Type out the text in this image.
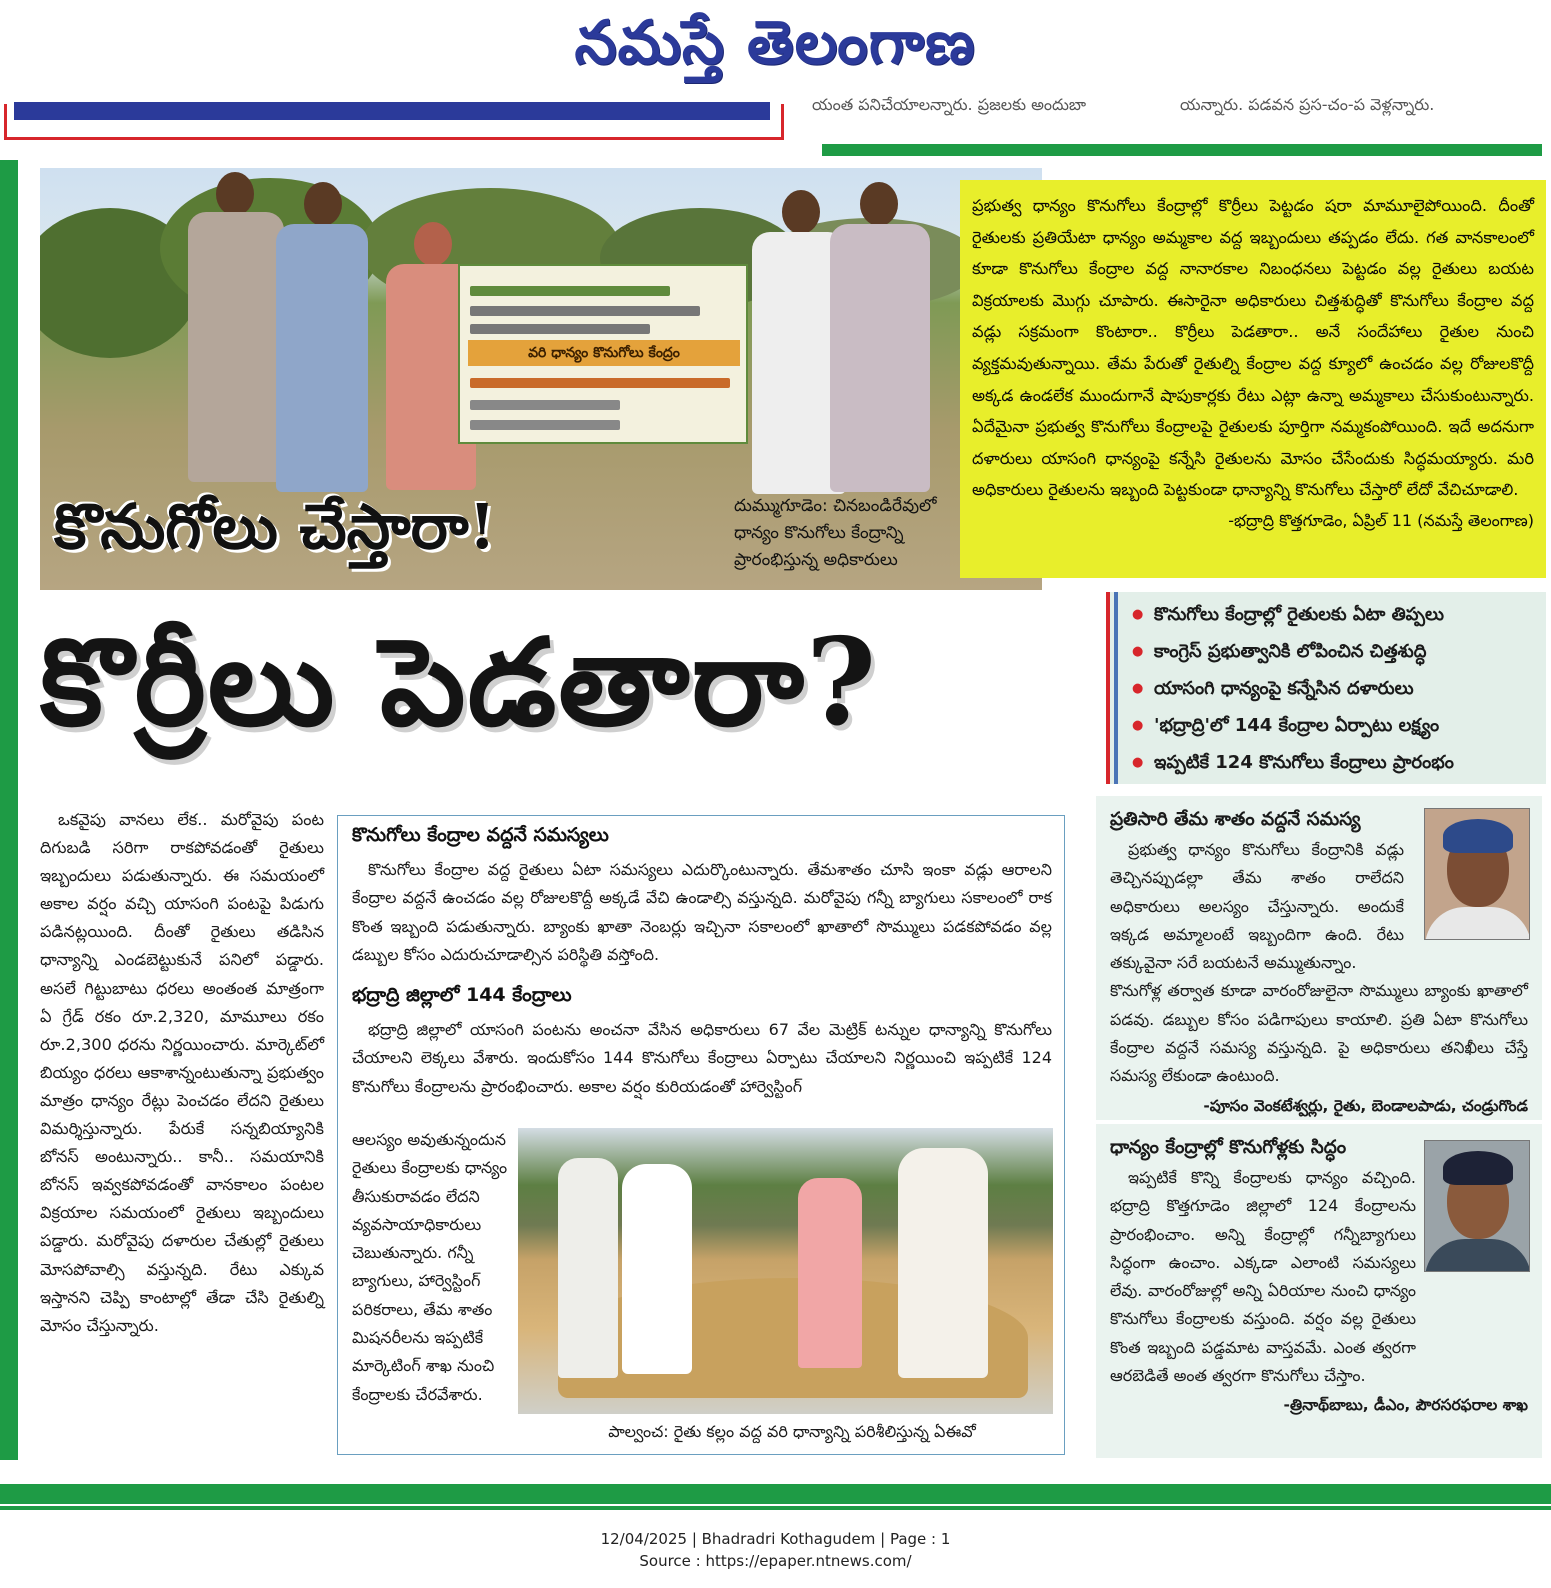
నమస్తే తెలంగాణ
యంత పనిచేయాలన్నారు. ప్రజలకు అందుబా	యన్నారు. పడవన ప్రస-చం-ప వెళ్లన్నారు.
వరి ధాన్యం కొనుగోలు కేంద్రం
కొనుగోలు చేస్తారా!	దుమ్ముగూడెం: చినబండిరేవులో ధాన్యం కొనుగోలు కేంద్రాన్ని ప్రారంభిస్తున్న అధికారులు

ప్రభుత్వ ధాన్యం కొనుగోలు కేంద్రాల్లో కొర్రీలు పెట్టడం షరా మామూలైపోయింది. దీంతో రైతులకు ప్రతియేటా ధాన్యం అమ్మకాల వద్ద ఇబ్బందులు తప్పడం లేదు. గత వానకాలంలో కూడా కొనుగోలు కేంద్రాల వద్ద నానారకాల నిబంధనలు పెట్టడం వల్ల రైతులు బయట విక్రయాలకు మొగ్గు చూపారు. ఈసారైనా అధికారులు చిత్తశుద్ధితో కొనుగోలు కేంద్రాల వద్ద వడ్లు సక్రమంగా కొంటారా.. కొర్రీలు పెడతారా.. అనే సందేహాలు రైతుల నుంచి వ్యక్తమవుతున్నాయి. తేమ పేరుతో రైతుల్ని కేంద్రాల వద్ద క్యూలో ఉంచడం వల్ల రోజులకొద్దీ అక్కడ ఉండలేక ముందుగానే షాపుకార్లకు రేటు ఎట్లా ఉన్నా అమ్మకాలు చేసుకుంటున్నారు. ఏదేమైనా ప్రభుత్వ కొనుగోలు కేంద్రాలపై రైతులకు పూర్తిగా నమ్మకంపోయింది. ఇదే అదనుగా దళారులు యాసంగి ధాన్యంపై కన్నేసి రైతులను మోసం చేసేందుకు సిద్ధమయ్యారు. మరి అధికారులు రైతులను ఇబ్బంది పెట్టకుండా ధాన్యాన్ని కొనుగోలు చేస్తారో లేదో వేచిచూడాలి.

-భద్రాద్రి కొత్తగూడెం, ఏప్రిల్ 11 (నమస్తే తెలంగాణ)

కొర్రీలు పెడతారా?
●	కొనుగోలు కేంద్రాల్లో రైతులకు ఏటా తిప్పలు
● కాంగ్రెస్ ప్రభుత్వానికి లోపించిన చిత్తశుద్ధి
● యాసంగి ధాన్యంపై కన్నేసిన దళారులు
● 'భద్రాద్రి'లో 144 కేంద్రాల ఏర్పాటు లక్ష్యం
● ఇప్పటికే 124 కొనుగోలు కేంద్రాలు ప్రారంభం

ఒకవైపు వానలు లేక.. మరోవైపు పంట దిగుబడి సరిగా రాకపోవడంతో రైతులు ఇబ్బందులు పడుతున్నారు. ఈ సమయంలో అకాల వర్షం వచ్చి యాసంగి పంటపై పిడుగు పడినట్లయింది. దీంతో రైతులు తడిసిన ధాన్యాన్ని ఎండబెట్టుకునే పనిలో పడ్డారు. అసలే గిట్టుబాటు ధరలు అంతంత మాత్రంగా ఏ గ్రేడ్ రకం రూ.2,320, మామూలు రకం రూ.2,300 ధరను నిర్ణయించారు. మార్కెట్‌లో బియ్యం ధరలు ఆకాశాన్నంటుతున్నా ప్రభుత్వం మాత్రం ధాన్యం రేట్లు పెంచడం లేదని రైతులు విమర్శిస్తున్నారు. పేరుకే సన్నబియ్యానికి బోనస్ అంటున్నారు.. కానీ.. సమయానికి బోనస్ ఇవ్వకపోవడంతో వానకాలం పంటల విక్రయాల సమయంలో రైతులు ఇబ్బందులు పడ్డారు. మరోవైపు దళారుల చేతుల్లో రైతులు మోసపోవాల్సి వస్తున్నది. రేటు ఎక్కువ ఇస్తానని చెప్పి కాంటాల్లో తేడా చేసి రైతుల్ని మోసం చేస్తున్నారు.

కొనుగోలు కేంద్రాల వద్దనే సమస్యలు
కొనుగోలు కేంద్రాల వద్ద రైతులు ఏటా సమస్యలు ఎదుర్కొంటున్నారు. తేమశాతం చూసి ఇంకా వడ్లు ఆరాలని కేంద్రాల వద్దనే ఉంచడం వల్ల రోజులకొద్దీ అక్కడే వేచి ఉండాల్సి వస్తున్నది. మరోవైపు గన్నీ బ్యాగులు సకాలంలో రాక కొంత ఇబ్బంది పడుతున్నారు. బ్యాంకు ఖాతా నెంబర్లు ఇచ్చినా సకాలంలో ఖాతాలో సొమ్ములు పడకపోవడం వల్ల డబ్బుల కోసం ఎదురుచూడాల్సిన పరిస్థితి వస్తోంది.
భద్రాద్రి జిల్లాలో 144 కేంద్రాలు
భద్రాద్రి జిల్లాలో యాసంగి పంటను అంచనా వేసిన అధికారులు 67 వేల మెట్రిక్ టన్నుల ధాన్యాన్ని కొనుగోలు చేయాలని లెక్కలు వేశారు. ఇందుకోసం 144 కొనుగోలు కేంద్రాలు ఏర్పాటు చేయాలని నిర్ణయించి ఇప్పటికే 124 కొనుగోలు కేంద్రాలను ప్రారంభించారు. అకాల వర్షం కురియడంతో హార్వెస్టింగ్
ఆలస్యం అవుతున్నందున రైతులు కేంద్రాలకు ధాన్యం తీసుకురావడం లేదని వ్యవసాయాధికారులు చెబుతున్నారు. గన్నీ బ్యాగులు, హార్వెస్టింగ్ పరికరాలు, తేమ శాతం మిషనరీలను ఇప్పటికే మార్కెటింగ్ శాఖ నుంచి కేంద్రాలకు చేరవేశారు.
పాల్వంచ: రైతు కల్లం వద్ద వరి ధాన్యాన్ని పరిశీలిస్తున్న ఏఈవో
ప్రతిసారి తేమ శాతం వద్దనే సమస్య

ప్రభుత్వ ధాన్యం కొనుగోలు కేంద్రానికి వడ్లు తెచ్చినప్పుడల్లా తేమ శాతం రాలేదని అధికారులు అలస్యం చేస్తున్నారు. అందుకే ఇక్కడ అమ్మాలంటే ఇబ్బందిగా ఉంది. రేటు తక్కువైనా సరే బయటనే అమ్ముతున్నాం.

కొనుగోళ్ల తర్వాత కూడా వారంరోజులైనా సొమ్ములు బ్యాంకు ఖాతాలో పడవు. డబ్బుల కోసం పడిగాపులు కాయాలి. ప్రతి ఏటా కొనుగోలు కేంద్రాల వద్దనే సమస్య వస్తున్నది. పై అధికారులు తనిఖీలు చేస్తే సమస్య లేకుండా ఉంటుంది.

-పూసం వెంకటేశ్వర్లు, రైతు, బెండాలపాడు, చండ్రుగొండ

ధాన్యం కేంద్రాల్లో కొనుగోళ్లకు సిద్ధం

ఇప్పటికే కొన్ని కేంద్రాలకు ధాన్యం వచ్చింది. భద్రాద్రి కొత్తగూడెం జిల్లాలో 124 కేంద్రాలను ప్రారంభించాం. అన్ని కేంద్రాల్లో గన్నీబ్యాగులు సిద్ధంగా ఉంచాం. ఎక్కడా ఎలాంటి సమస్యలు లేవు. వారంరోజుల్లో అన్ని ఏరియాల నుంచి ధాన్యం కొనుగోలు కేంద్రాలకు వస్తుంది. వర్షం వల్ల రైతులు కొంత ఇబ్బంది పడ్డమాట వాస్తవమే. ఎంత త్వరగా ఆరబెడితే అంత త్వరగా కొనుగోలు చేస్తాం.

-త్రినాథ్‌బాబు, డీఎం, పౌరసరఫరాల శాఖ

12/04/2025 | Bhadradri Kothagudem | Page : 1
Source : https://epaper.ntnews.com/
